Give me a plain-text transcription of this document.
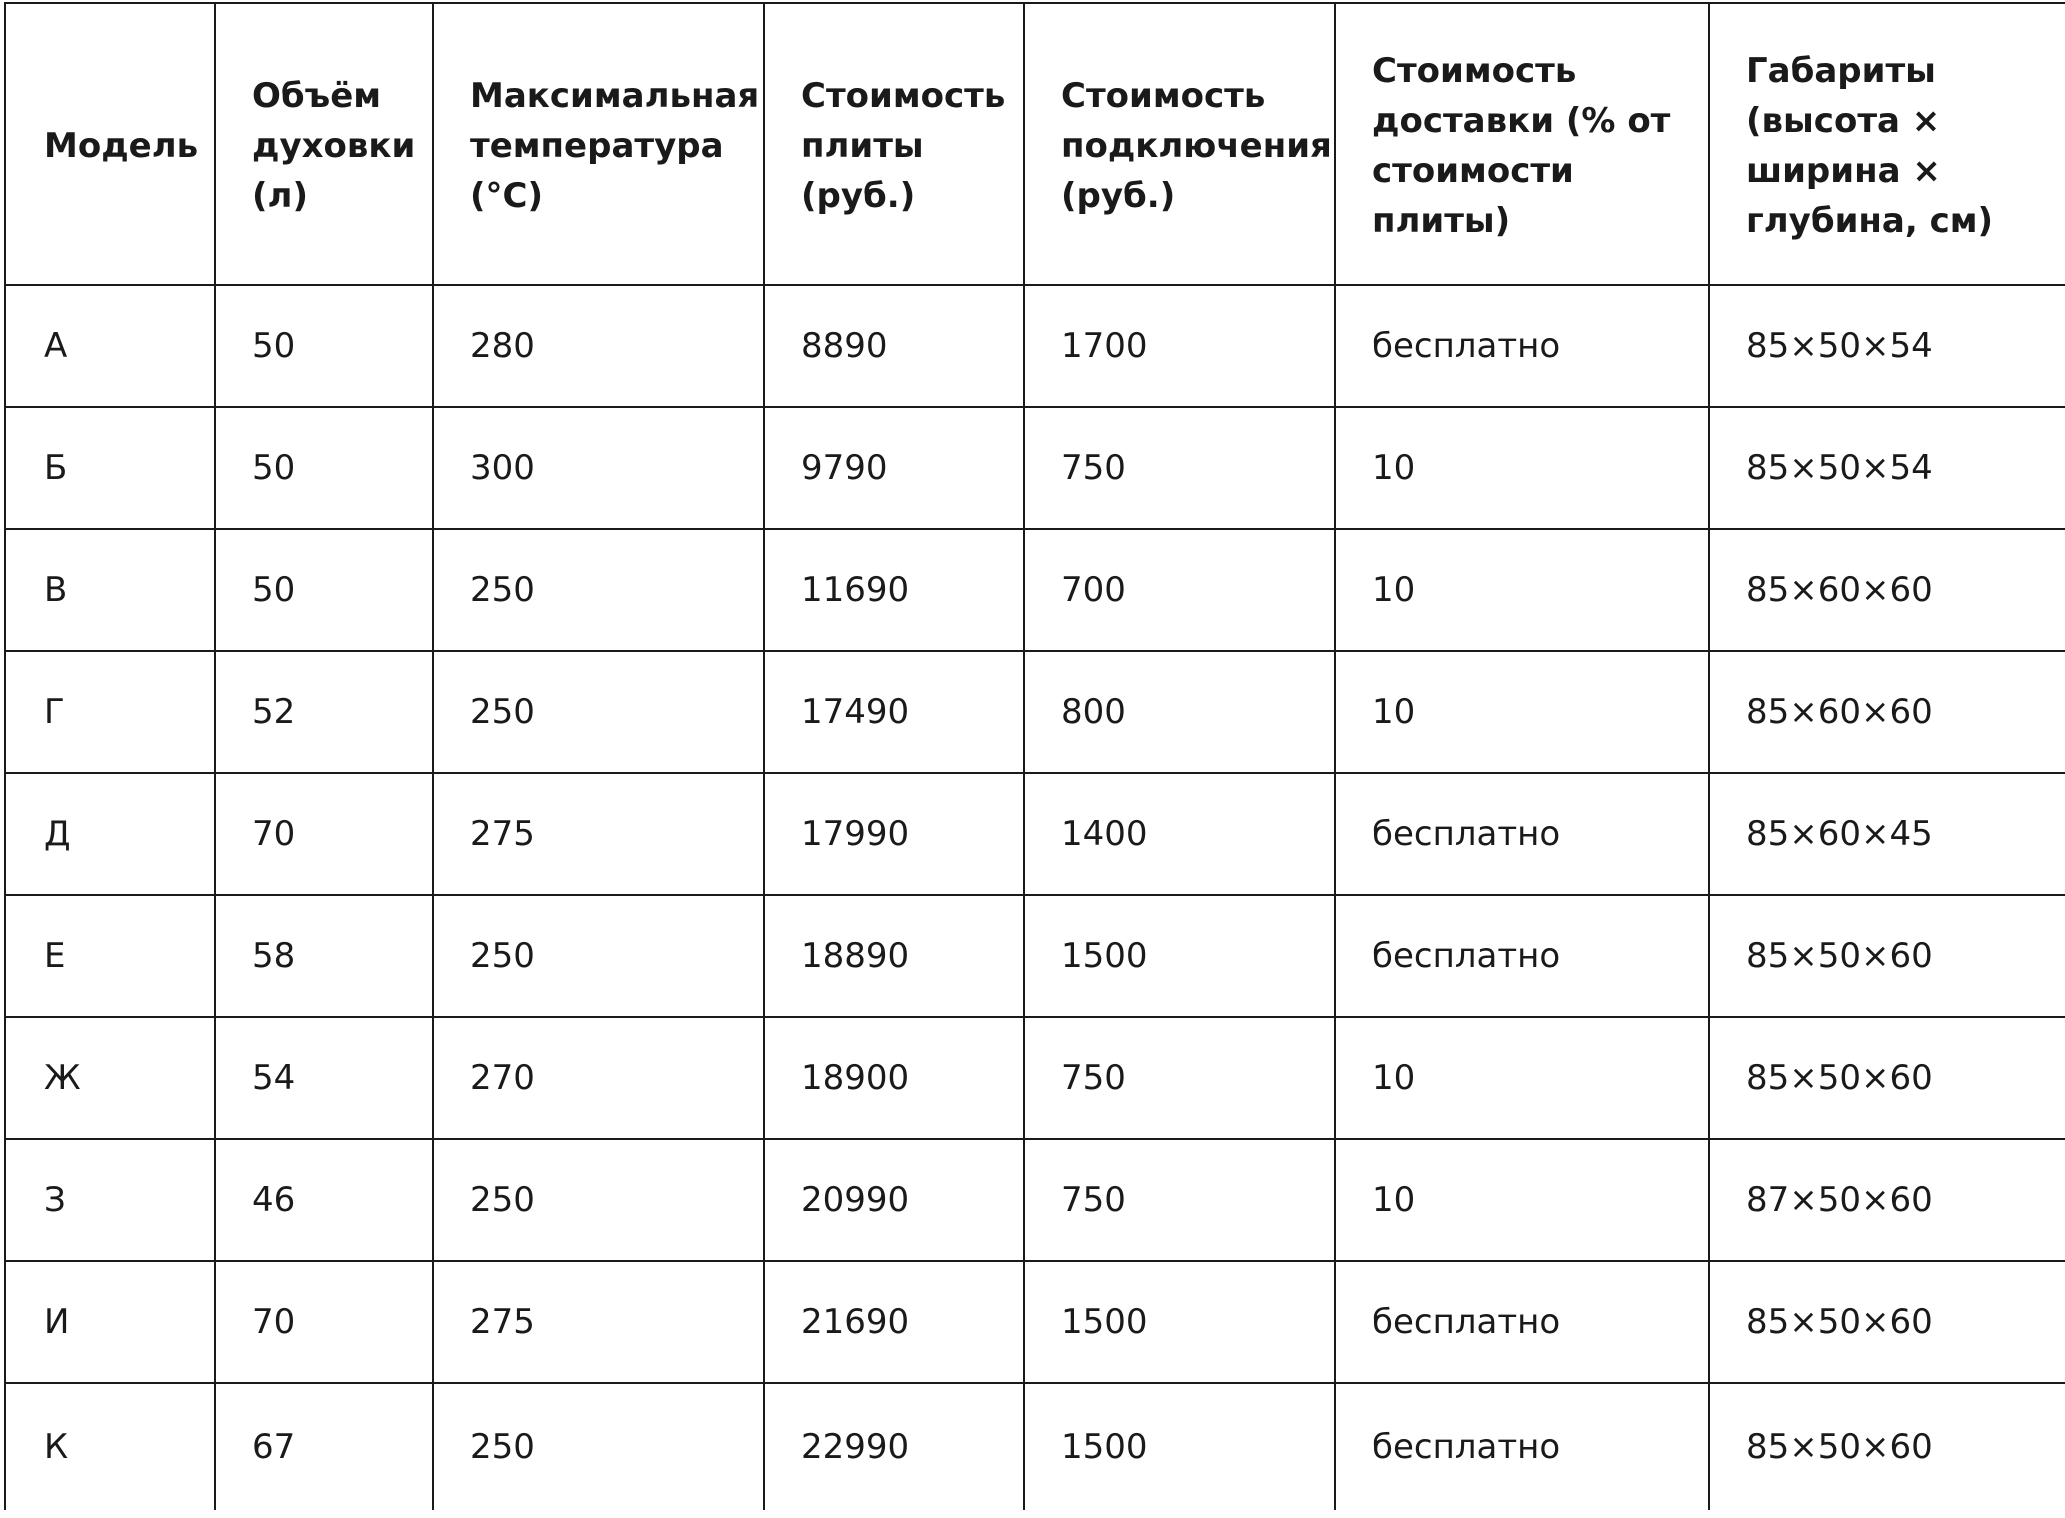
Модель	Объём духовки (л)	Максимальная температура (°С)	Стоимость плиты (руб.)	Стоимость подключения (руб.)	Стоимость доставки (% от стоимости плиты)	Габариты (высота × ширина × глубина, см)
А	50	280	8890	1700	бесплатно	85×50×54
Б	50	300	9790	750	10	85×50×54
В	50	250	11690	700	10	85×60×60
Г	52	250	17490	800	10	85×60×60
Д	70	275	17990	1400	бесплатно	85×60×45
Е	58	250	18890	1500	бесплатно	85×50×60
Ж	54	270	18900	750	10	85×50×60
З	46	250	20990	750	10	87×50×60
И	70	275	21690	1500	бесплатно	85×50×60
К	67	250	22990	1500	бесплатно	85×50×60
